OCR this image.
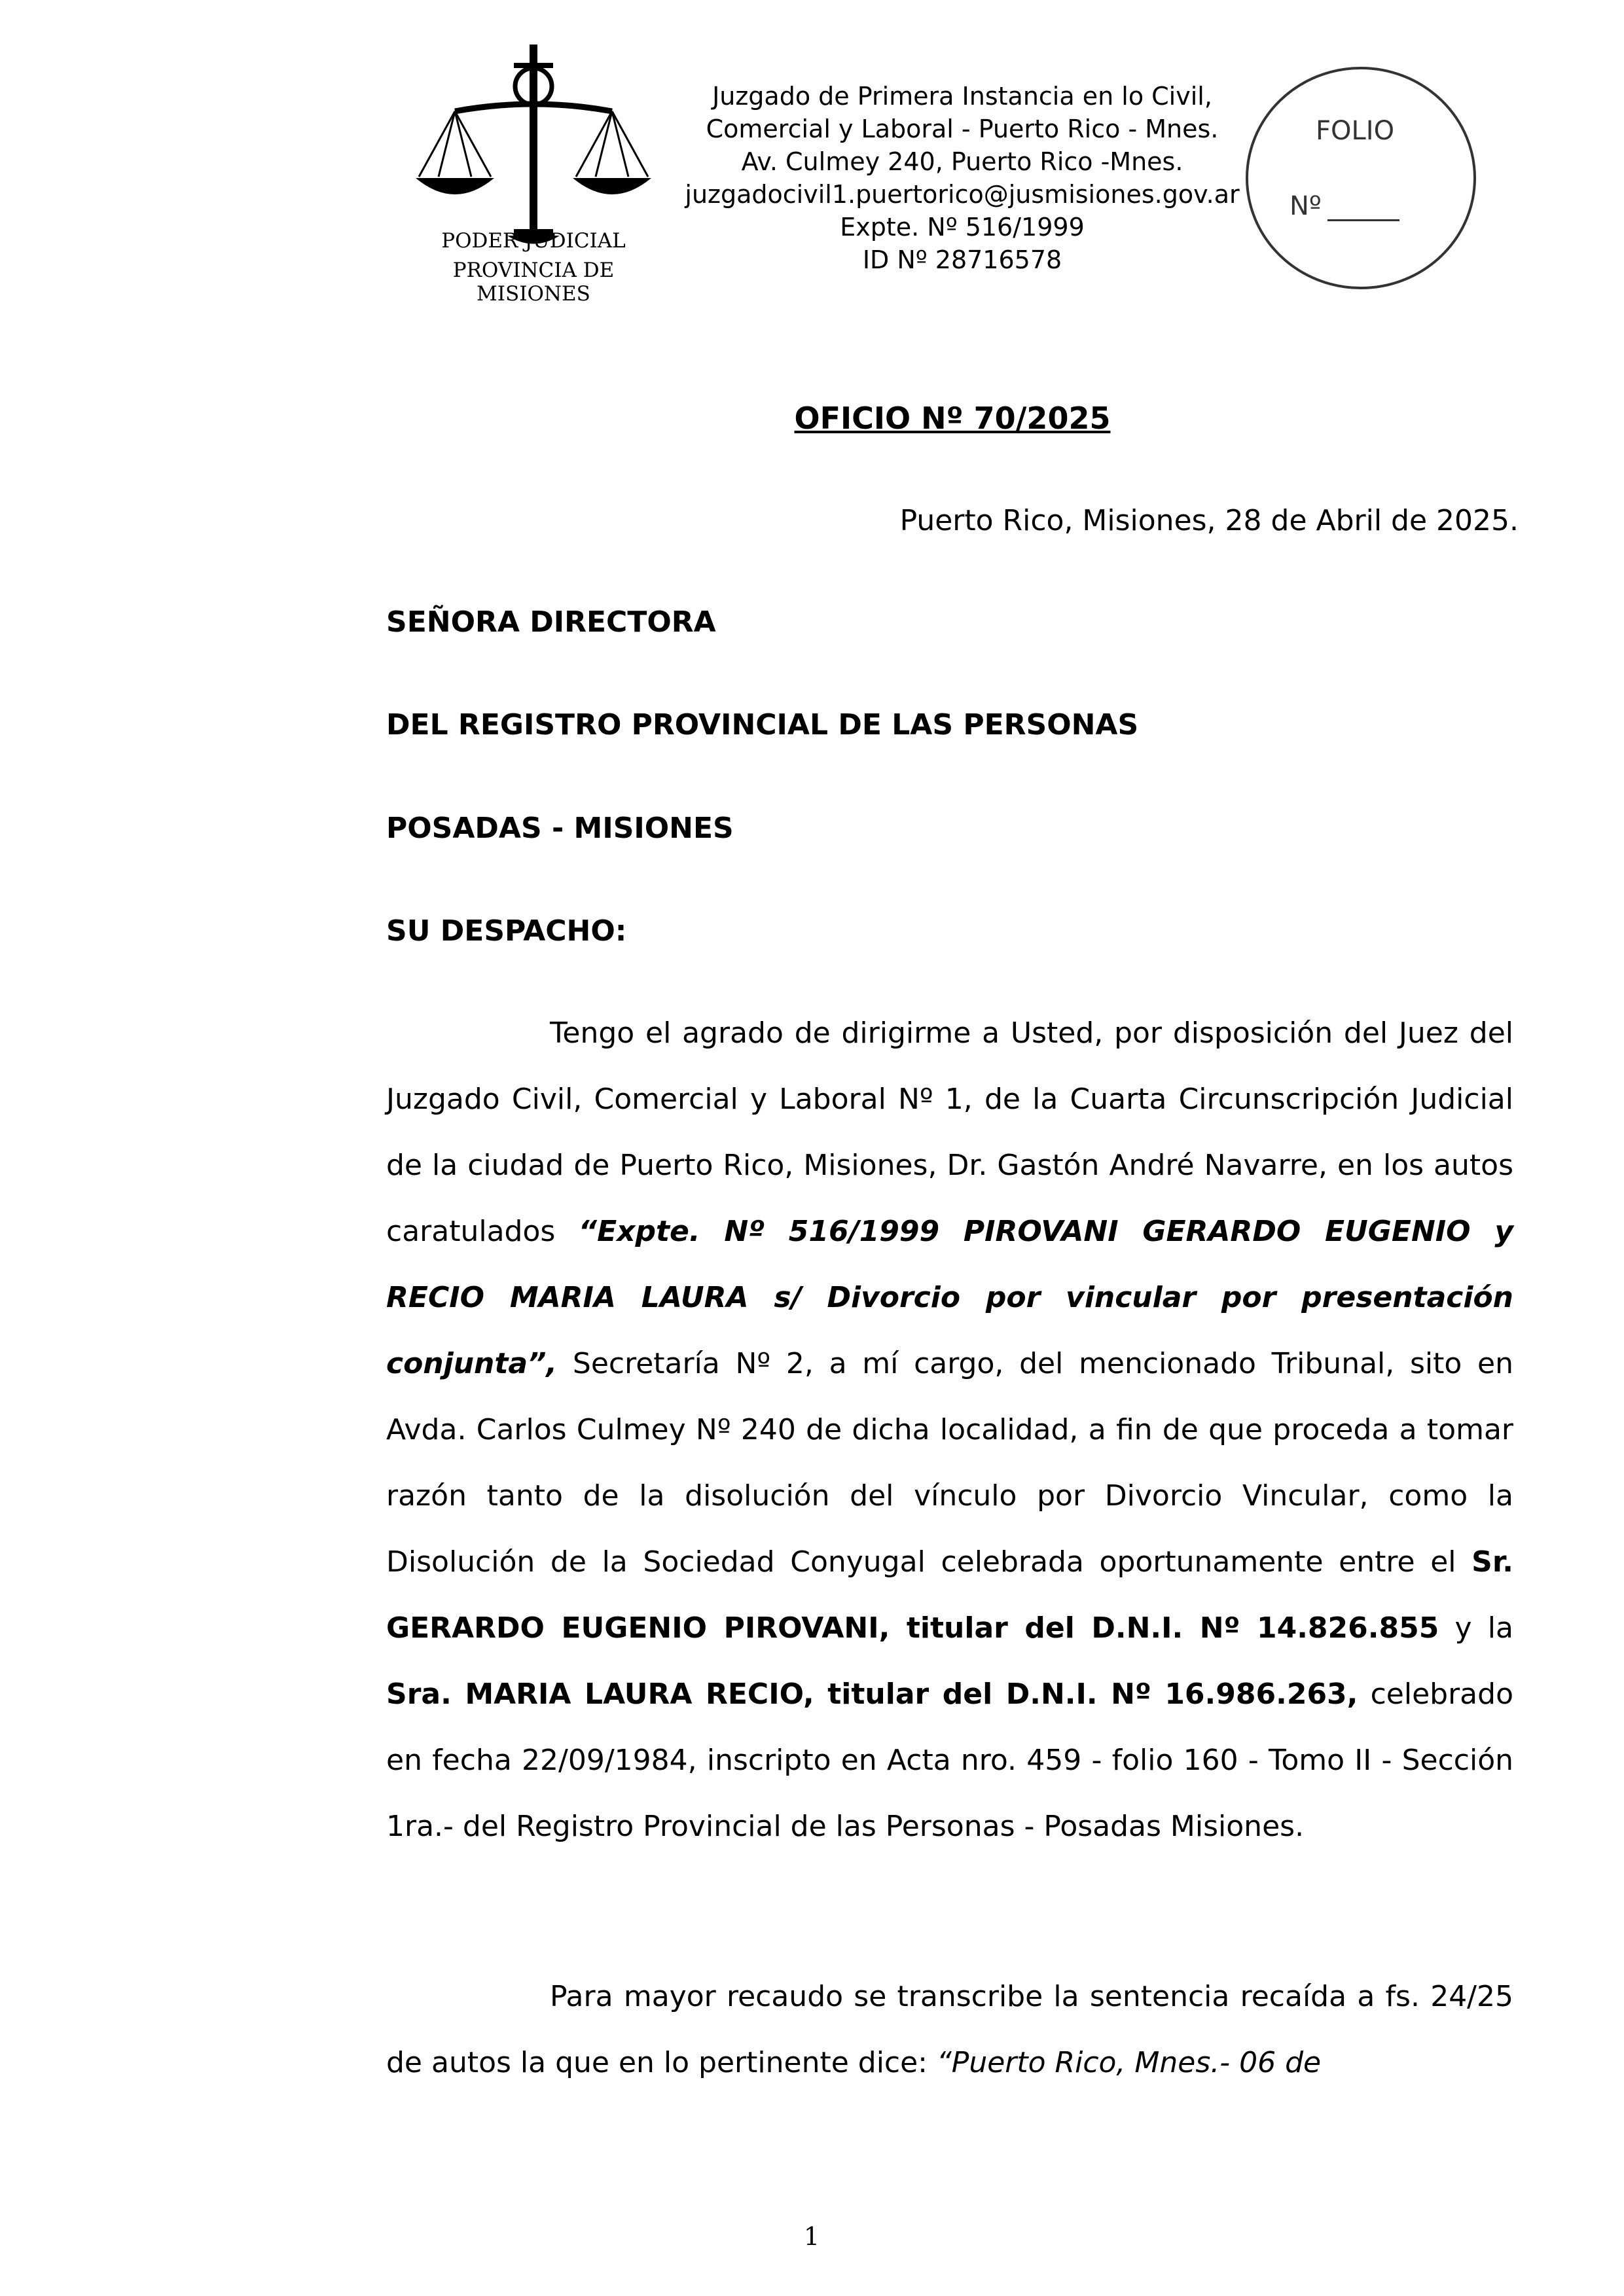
PODER JUDICIAL
PROVINCIA DE MISIONES
Juzgado de Primera Instancia en lo Civil,
Comercial y Laboral - Puerto Rico - Mnes.
Av. Culmey 240, Puerto Rico -Mnes.
juzgadocivil1.puertorico@jusmisiones.gov.ar
Expte. Nº 516/1999
ID Nº 28716578
FOLIO
Nº
OFICIO Nº 70/2025
Puerto Rico, Misiones, 28 de Abril de 2025.
SEÑORA DIRECTORA
DEL REGISTRO PROVINCIAL DE LAS PERSONAS
POSADAS - MISIONES
SU DESPACHO:
Tengo el agrado de dirigirme a Usted, por disposición del Juez del Juzgado Civil, Comercial y Laboral Nº 1, de la Cuarta Circunscripción Judicial de la ciudad de Puerto Rico, Misiones, Dr. Gastón André Navarre, en los autos caratulados “Expte. Nº 516/1999 PIROVANI GERARDO EUGENIO y RECIO MARIA LAURA s/ Divorcio por vincular por presentación conjunta”, Secretaría Nº 2, a mí cargo, del mencionado Tribunal, sito en Avda. Carlos Culmey Nº 240 de dicha localidad, a fin de que proceda a tomar razón tanto de la disolución del vínculo por Divorcio Vincular, como la Disolución de la Sociedad Conyugal celebrada oportunamente entre el Sr. GERARDO EUGENIO PIROVANI, titular del D.N.I. Nº 14.826.855 y la Sra. MARIA LAURA RECIO, titular del D.N.I. Nº 16.986.263, celebrado en fecha 22/09/1984, inscripto en Acta nro. 459 - folio 160 - Tomo II - Sección 1ra.- del Registro Provincial de las Personas - Posadas Misiones.
Para mayor recaudo se transcribe la sentencia recaída a fs. 24/25 de autos la que en lo pertinente dice: “Puerto Rico, Mnes.- 06 de
1
